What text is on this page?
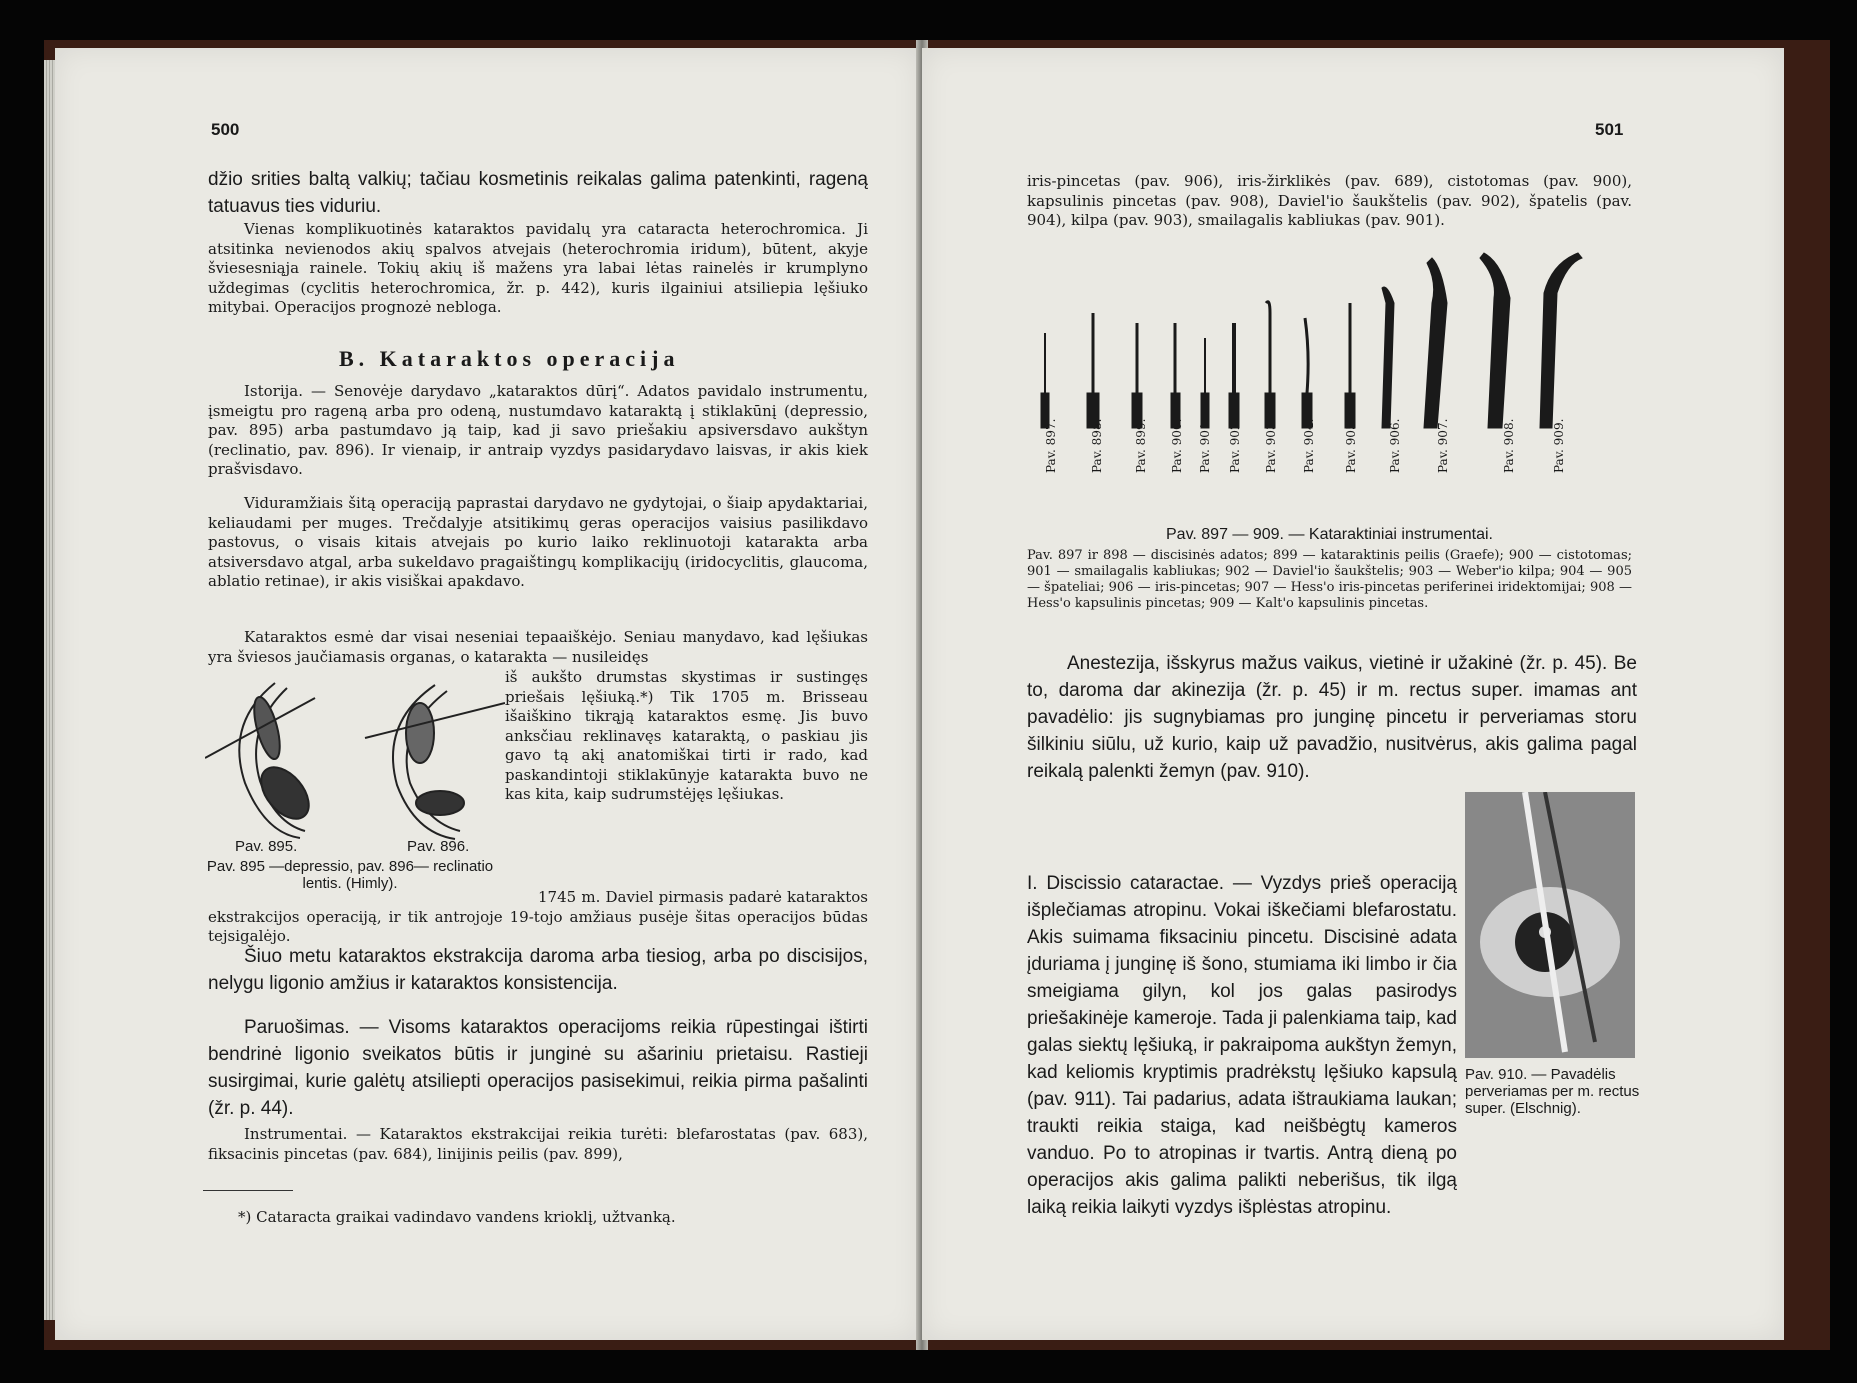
500

džio srities baltą valkių; tačiau kosmetinis reikalas galima patenkinti, rageną tatuavus ties viduriu.

Vienas komplikuotinės kataraktos pavidalų yra cataracta heterochromica. Ji atsitinka nevienodos akių spalvos atvejais (heterochromia iridum), būtent, akyje šviesesniąja rainele. Tokių akių iš mažens yra labai lėtas rainelės ir krumplyno uždegimas (cyclitis heterochromica, žr. p. 442), kuris ilgainiui atsiliepia lęšiuko mitybai. Operacijos prognozė nebloga.

B. Kataraktos operacija

Istorija. — Senovėje darydavo „kataraktos dūrį“. Adatos pavidalo instrumentu, įsmeigtu pro rageną arba pro odeną, nustumdavo kataraktą į stiklakūnį (depressio, pav. 895) arba pastumdavo ją taip, kad ji savo priešakiu apsiversdavo aukštyn (reclinatio, pav. 896). Ir vienaip, ir antraip vyzdys pasidarydavo laisvas, ir akis kiek prašvisdavo.

Viduramžiais šitą operaciją paprastai darydavo ne gydytojai, o šiaip apydaktariai, keliaudami per muges. Trečdalyje atsitikimų geras operacijos vaisius pasilikdavo pastovus, o visais kitais atvejais po kurio laiko reklinuotoji katarakta arba atsiversdavo atgal, arba sukeldavo pragaištingų komplikacijų (iridocyclitis, glaucoma, ablatio retinae), ir akis visiškai apakdavo.

Kataraktos esmė dar visai neseniai tepaaiškėjo. Seniau manydavo, kad lęšiukas yra šviesos jaučiamasis organas, o katarakta — nusileidęs

iš aukšto drumstas skystimas ir sustingęs priešais lęšiuką.*) Tik 1705 m. Brisseau išaiškino tikrąją kataraktos esmę. Jis buvo anksčiau reklinavęs kataraktą, o paskiau jis gavo tą akį anatomiškai tirti ir rado, kad paskandintoji stiklakūnyje katarakta buvo ne kas kita, kaip sudrumstėjęs lęšiukas.

Pav. 895.	Pav. 896.
Pav. 895 —depressio, pav. 896— reclinatio lentis. (Himly).

1745 m. Daviel pirmasis padarė kataraktos ekstrakcijos operaciją, ir tik antrojoje 19-tojo amžiaus pusėje šitas operacijos būdas tejsigalėjo.

Šiuo metu kataraktos ekstrakcija daroma arba tiesiog, arba po discisijos, nelygu ligonio amžius ir kataraktos konsistencija.

Paruošimas. — Visoms kataraktos operacijoms reikia rūpestingai ištirti bendrinė ligonio sveikatos būtis ir junginė su ašariniu prietaisu. Rastieji susirgimai, kurie galėtų atsiliepti operacijos pasisekimui, reikia pirma pašalinti (žr. p. 44).

Instrumentai. — Kataraktos ekstrakcijai reikia turėti: blefarostatas (pav. 683), fiksacinis pincetas (pav. 684), linijinis peilis (pav. 899),

*) Cataracta graikai vadindavo vandens krioklį, užtvanką.

501

iris-pincetas (pav. 906), iris-žirklikės (pav. 689), cistotomas (pav. 900), kapsulinis pincetas (pav. 908), Daviel'io šaukštelis (pav. 902), špatelis (pav. 904), kilpa (pav. 903), smailagalis kabliukas (pav. 901).

Pav. 897.	Pav. 898.	Pav. 899. Pav. 900. Pav. 901. Pav. 902. Pav. 903. Pav. 904. Pav. 905.	Pav. 906.	Pav. 907.	Pav. 908.	Pav. 909.
Pav. 897 — 909. — Kataraktiniai instrumentai.

Pav. 897 ir 898 — discisinės adatos; 899 — kataraktinis peilis (Graefe); 900 — cistotomas; 901 — smailagalis kabliukas; 902 — Daviel'io šaukštelis; 903 — Weber'io kilpa; 904 — 905 — špateliai; 906 — iris-pincetas; 907 — Hess'o iris-pincetas periferinei iridektomijai; 908 — Hess'o kapsulinis pincetas; 909 — Kalt'o kapsulinis pincetas.

Anestezija, išskyrus mažus vaikus, vietinė ir užakinė (žr. p. 45). Be to, daroma dar akinezija (žr. p. 45) ir m. rectus super. imamas ant pavadėlio: jis sugnybiamas pro junginę pincetu ir perveriamas storu šilkiniu siūlu, už kurio, kaip už pavadžio, nusitvėrus, akis galima pagal reikalą palenkti žemyn (pav. 910).

Pav. 910. — Pavadėlis perveriamas per m. rectus super. (Elschnig).

I. Discissio cataractae. — Vyzdys prieš operaciją išplečiamas atropinu. Vokai iškečiami blefarostatu. Akis suimama fiksaciniu pincetu. Discisinė adata įduriama į junginę iš šono, stumiama iki limbo ir čia smeigiama gilyn, kol jos galas pasirodys priešakinėje kameroje. Tada ji palenkiama taip, kad galas siektų lęšiuką, ir pakraipoma aukštyn žemyn, kad keliomis kryptimis pradrėkstų lęšiuko kapsulą (pav. 911). Tai padarius, adata ištraukiama laukan; traukti reikia staiga, kad neišbėgtų kameros vanduo. Po to atropinas ir tvartis. Antrą dieną po operacijos akis galima palikti neberišus, tik ilgą laiką reikia laikyti vyzdys išplėstas atropinu.
